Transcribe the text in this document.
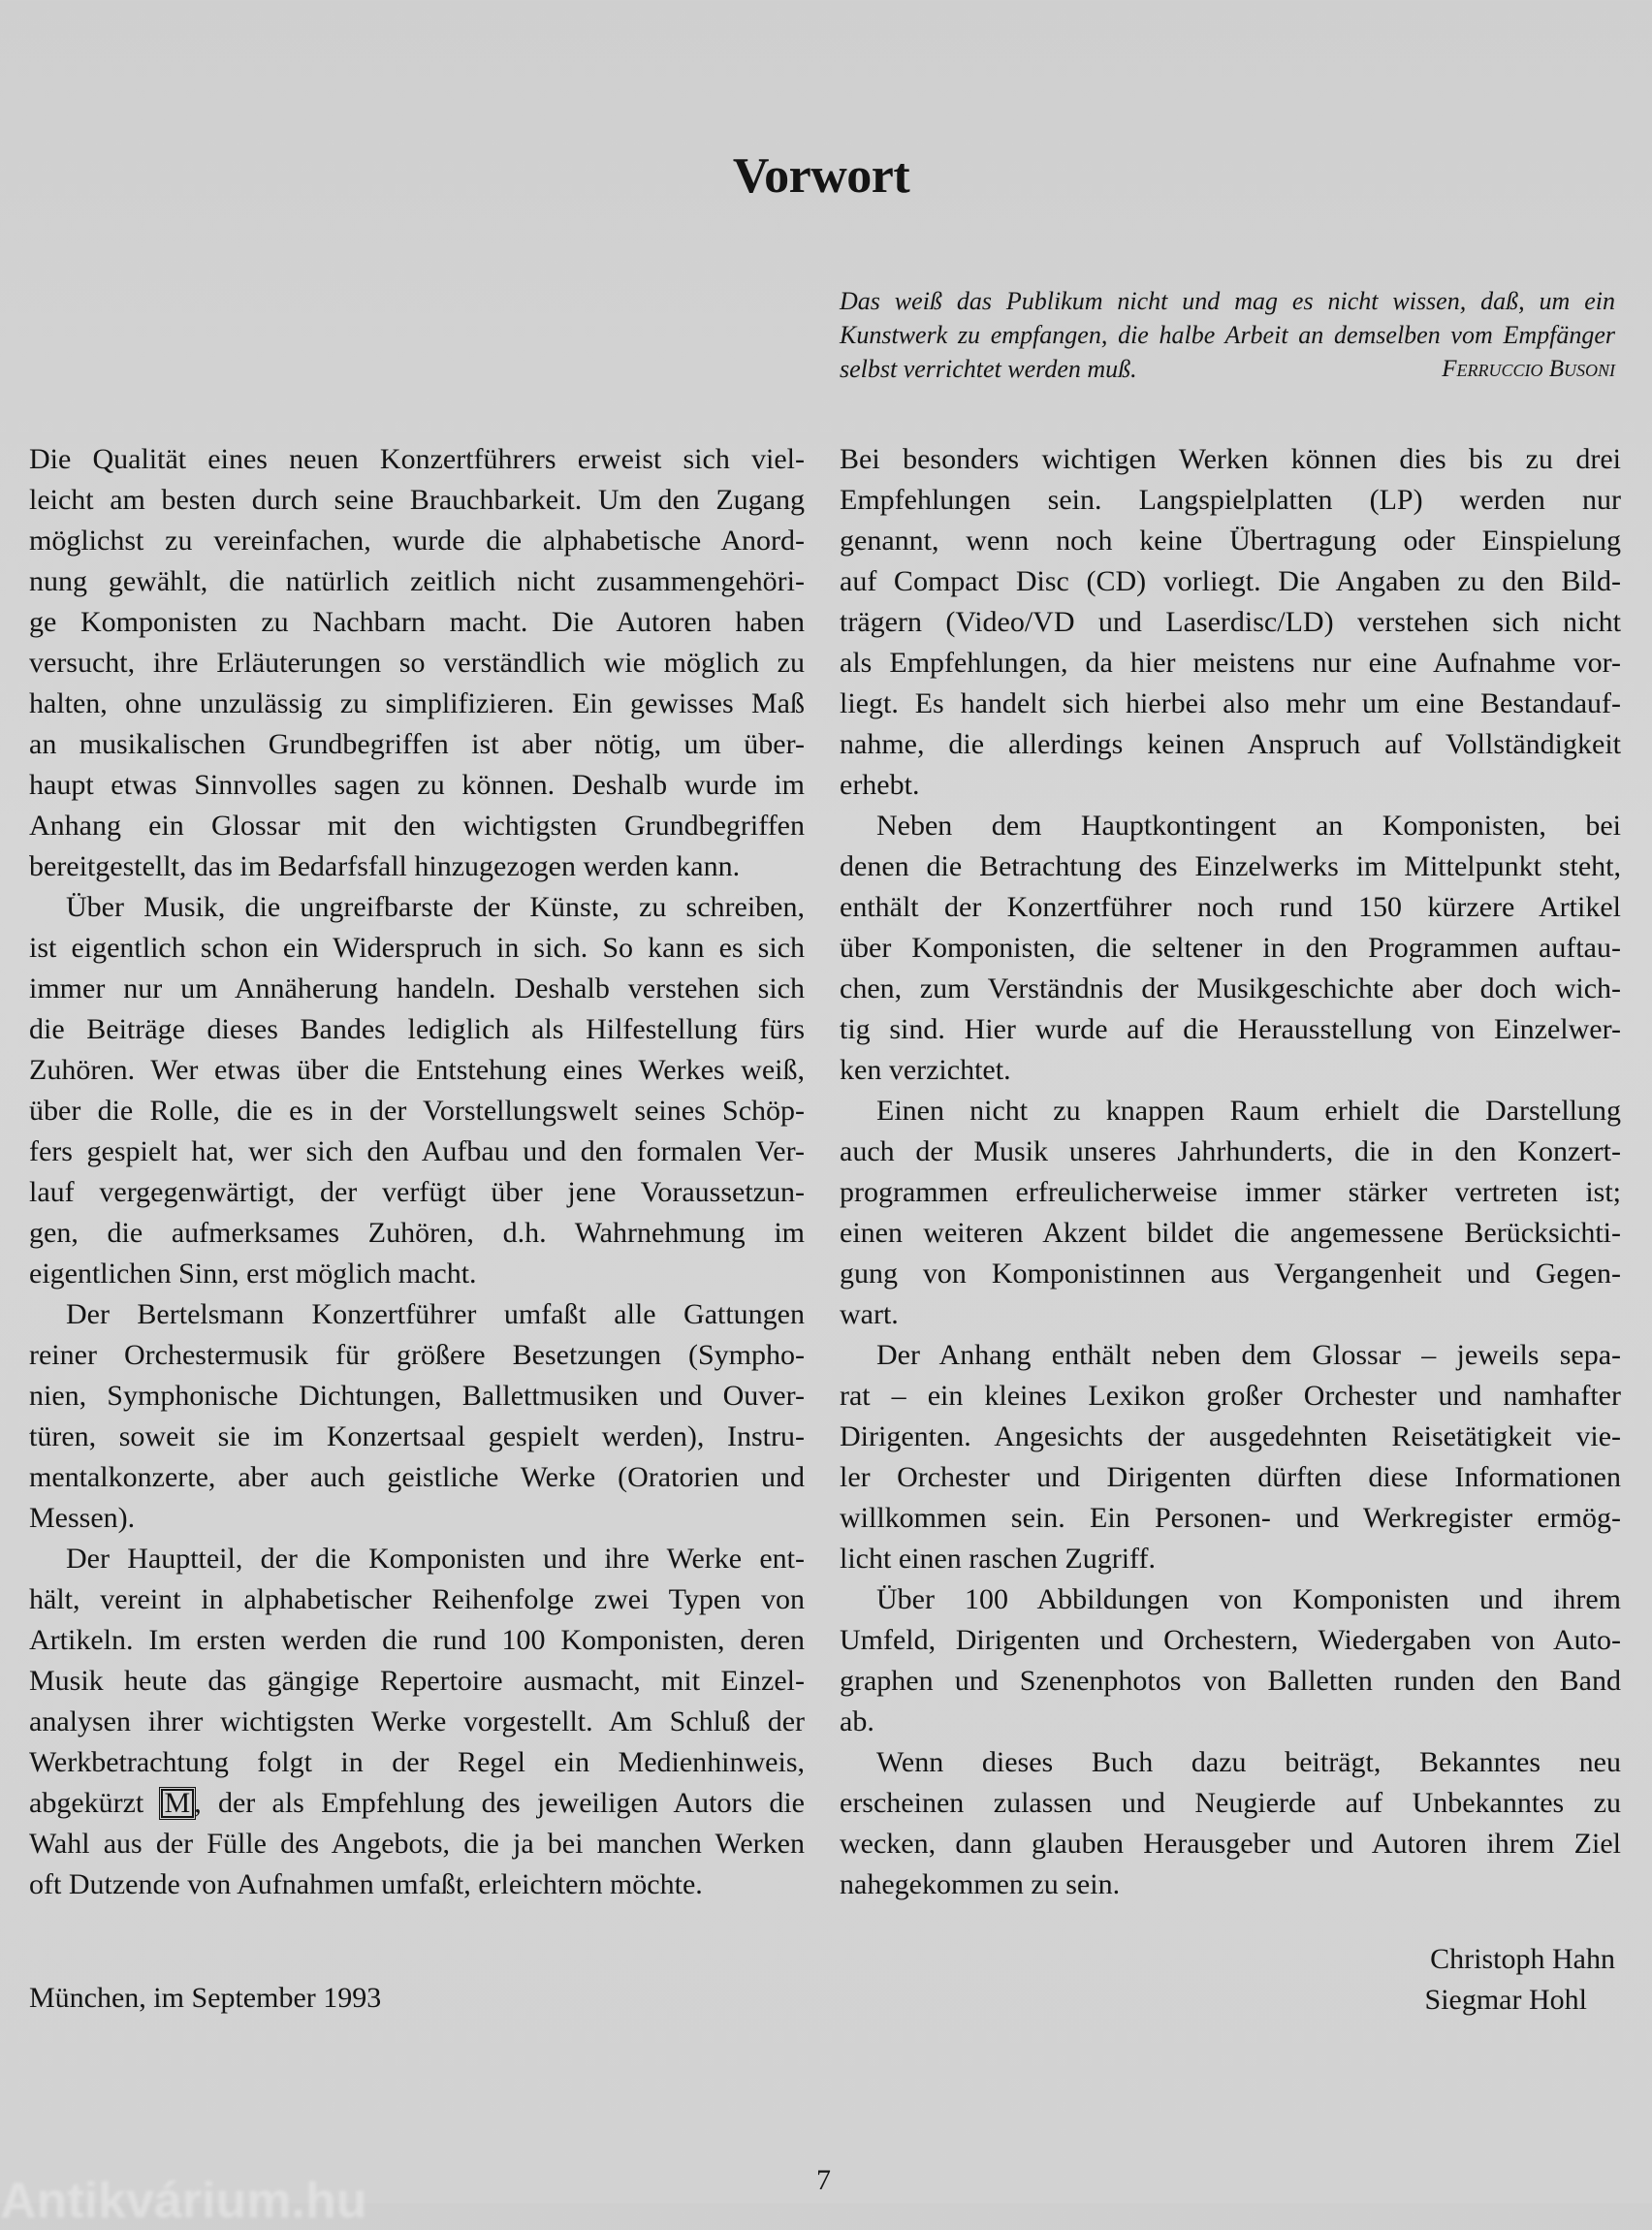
Vorwort
Das weiß das Publikum nicht und mag es nicht wissen, daß, um ein
Kunstwerk zu empfangen, die halbe Arbeit an demselben vom Empfänger
selbst verrichtet werden muß.	Ferruccio Busoni
Die Qualität eines neuen Konzertführers erweist sich viel-
leicht am besten durch seine Brauchbarkeit. Um den Zugang
möglichst zu vereinfachen, wurde die alphabetische Anord-
nung gewählt, die natürlich zeitlich nicht zusammengehöri-
ge Komponisten zu Nachbarn macht. Die Autoren haben
versucht, ihre Erläuterungen so verständlich wie möglich zu
halten, ohne unzulässig zu simplifizieren. Ein gewisses Maß
an musikalischen Grundbegriffen ist aber nötig, um über-
haupt etwas Sinnvolles sagen zu können. Deshalb wurde im
Anhang ein Glossar mit den wichtigsten Grundbegriffen
bereitgestellt, das im Bedarfsfall hinzugezogen werden kann.
Über Musik, die ungreifbarste der Künste, zu schreiben,
ist eigentlich schon ein Widerspruch in sich. So kann es sich
immer nur um Annäherung handeln. Deshalb verstehen sich
die Beiträge dieses Bandes lediglich als Hilfestellung fürs
Zuhören. Wer etwas über die Entstehung eines Werkes weiß,
über die Rolle, die es in der Vorstellungswelt seines Schöp-
fers gespielt hat, wer sich den Aufbau und den formalen Ver-
lauf vergegenwärtigt, der verfügt über jene Voraussetzun-
gen, die aufmerksames Zuhören, d.h. Wahrnehmung im
eigentlichen Sinn, erst möglich macht.
Der Bertelsmann Konzertführer umfaßt alle Gattungen
reiner Orchestermusik für größere Besetzungen (Sympho-
nien, Symphonische Dichtungen, Ballettmusiken und Ouver-
türen, soweit sie im Konzertsaal gespielt werden), Instru-
mentalkonzerte, aber auch geistliche Werke (Oratorien und
Messen).
Der Hauptteil, der die Komponisten und ihre Werke ent-
hält, vereint in alphabetischer Reihenfolge zwei Typen von
Artikeln. Im ersten werden die rund 100 Komponisten, deren
Musik heute das gängige Repertoire ausmacht, mit Einzel-
analysen ihrer wichtigsten Werke vorgestellt. Am Schluß der
Werkbetrachtung folgt in der Regel ein Medienhinweis,
abgekürzt M , der als Empfehlung des jeweiligen Autors die
Wahl aus der Fülle des Angebots, die ja bei manchen Werken
oft Dutzende von Aufnahmen umfaßt, erleichtern möchte.
Bei besonders wichtigen Werken können dies bis zu drei
Empfehlungen sein. Langspielplatten (LP) werden nur
genannt, wenn noch keine Übertragung oder Einspielung
auf Compact Disc (CD) vorliegt. Die Angaben zu den Bild-
trägern (Video/VD und Laserdisc/LD) verstehen sich nicht
als Empfehlungen, da hier meistens nur eine Aufnahme vor-
liegt. Es handelt sich hierbei also mehr um eine Bestandauf-
nahme, die allerdings keinen Anspruch auf Vollständigkeit
erhebt.
Neben dem Hauptkontingent an Komponisten, bei
denen die Betrachtung des Einzelwerks im Mittelpunkt steht,
enthält der Konzertführer noch rund 150 kürzere Artikel
über Komponisten, die seltener in den Programmen auftau-
chen, zum Verständnis der Musikgeschichte aber doch wich-
tig sind. Hier wurde auf die Herausstellung von Einzelwer-
ken verzichtet.
Einen nicht zu knappen Raum erhielt die Darstellung
auch der Musik unseres Jahrhunderts, die in den Konzert-
programmen erfreulicherweise immer stärker vertreten ist;
einen weiteren Akzent bildet die angemessene Berücksichti-
gung von Komponistinnen aus Vergangenheit und Gegen-
wart.
Der Anhang enthält neben dem Glossar – jeweils sepa-
rat – ein kleines Lexikon großer Orchester und namhafter
Dirigenten. Angesichts der ausgedehnten Reisetätigkeit vie-
ler Orchester und Dirigenten dürften diese Informationen
willkommen sein. Ein Personen- und Werkregister ermög-
licht einen raschen Zugriff.
Über 100 Abbildungen von Komponisten und ihrem
Umfeld, Dirigenten und Orchestern, Wiedergaben von Auto-
graphen und Szenenphotos von Balletten runden den Band
ab.
Wenn dieses Buch dazu beiträgt, Bekanntes neu
erscheinen zulassen und Neugierde auf Unbekanntes zu
wecken, dann glauben Herausgeber und Autoren ihrem Ziel
nahegekommen zu sein.
München, im September 1993
Christoph Hahn
Siegmar Hohl
7
Antikvárium.hu
